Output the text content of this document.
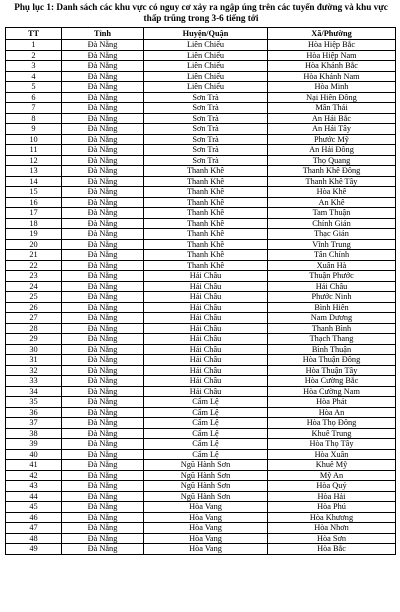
Phụ lục 1: Danh sách các khu vực có nguy cơ xảy ra ngập úng trên các tuyến đường và khu vực thấp trũng trong 3-6 tiếng tới
TT	Tỉnh	Huyện/Quận	Xã/Phường
1	Đà Nẵng	Liên Chiểu	Hòa Hiệp Bắc
2	Đà Nẵng	Liên Chiểu	Hòa Hiệp Nam
3	Đà Nẵng	Liên Chiểu	Hòa Khánh Bắc
4	Đà Nẵng	Liên Chiểu	Hòa Khánh Nam
5	Đà Nẵng	Liên Chiểu	Hòa Minh
6	Đà Nẵng	Sơn Trà	Nại Hiên Đông
7	Đà Nẵng	Sơn Trà	Mân Thái
8	Đà Nẵng	Sơn Trà	An Hải Bắc
9	Đà Nẵng	Sơn Trà	An Hải Tây
10	Đà Nẵng	Sơn Trà	Phước Mỹ
11	Đà Nẵng	Sơn Trà	An Hải Đông
12	Đà Nẵng	Sơn Trà	Thọ Quang
13	Đà Nẵng	Thanh Khê	Thanh Khê Đông
14	Đà Nẵng	Thanh Khê	Thanh Khê Tây
15	Đà Nẵng	Thanh Khê	Hòa Khê
16	Đà Nẵng	Thanh Khê	An Khê
17	Đà Nẵng	Thanh Khê	Tam Thuận
18	Đà Nẵng	Thanh Khê	Chính Gián
19	Đà Nẵng	Thanh Khê	Thạc Gián
20	Đà Nẵng	Thanh Khê	Vĩnh Trung
21	Đà Nẵng	Thanh Khê	Tân Chính
22	Đà Nẵng	Thanh Khê	Xuân Hà
23	Đà Nẵng	Hải Châu	Thuận Phước
24	Đà Nẵng	Hải Châu	Hải Châu
25	Đà Nẵng	Hải Châu	Phước Ninh
26	Đà Nẵng	Hải Châu	Bình Hiên
27	Đà Nẵng	Hải Châu	Nam Dương
28	Đà Nẵng	Hải Châu	Thanh Bình
29	Đà Nẵng	Hải Châu	Thạch Thang
30	Đà Nẵng	Hải Châu	Bình Thuận
31	Đà Nẵng	Hải Châu	Hòa Thuận Đông
32	Đà Nẵng	Hải Châu	Hòa Thuận Tây
33	Đà Nẵng	Hải Châu	Hòa Cường Bắc
34	Đà Nẵng	Hải Châu	Hòa Cường Nam
35	Đà Nẵng	Cẩm Lệ	Hòa Phát
36	Đà Nẵng	Cẩm Lệ	Hòa An
37	Đà Nẵng	Cẩm Lệ	Hòa Thọ Đông
38	Đà Nẵng	Cẩm Lệ	Khuê Trung
39	Đà Nẵng	Cẩm Lệ	Hòa Thọ Tây
40	Đà Nẵng	Cẩm Lệ	Hòa Xuân
41	Đà Nẵng	Ngũ Hành Sơn	Khuê Mỹ
42	Đà Nẵng	Ngũ Hành Sơn	Mỹ An
43	Đà Nẵng	Ngũ Hành Sơn	Hòa Quý
44	Đà Nẵng	Ngũ Hành Sơn	Hòa Hải
45	Đà Nẵng	Hòa Vang	Hòa Phú
46	Đà Nẵng	Hòa Vang	Hòa Khương
47	Đà Nẵng	Hòa Vang	Hòa Nhơn
48	Đà Nẵng	Hòa Vang	Hòa Sơn
49	Đà Nẵng	Hòa Vang	Hòa Bắc
